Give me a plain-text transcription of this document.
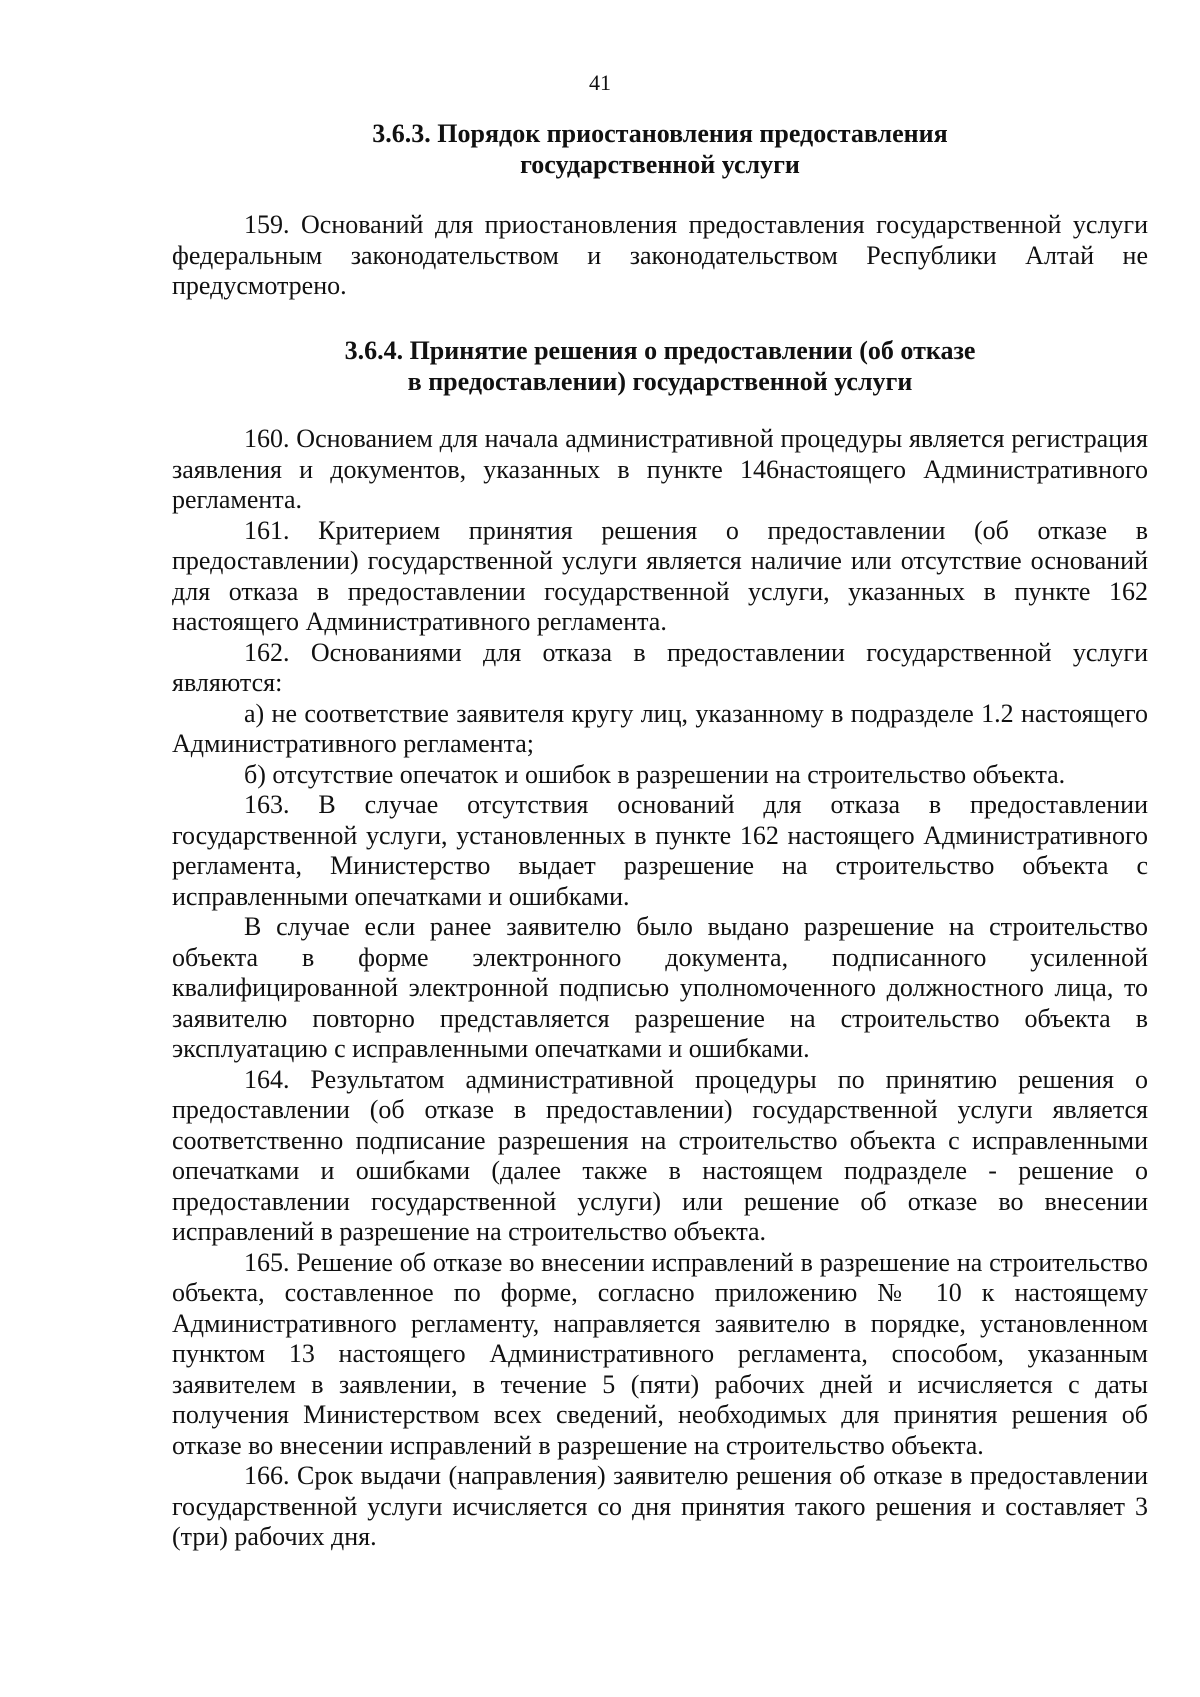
41
3.6.3. Порядок приостановления предоставления
государственной услуги

159. Оснований для приостановления предоставления государственной услуги федеральным законодательством и законодательством Республики Алтай не предусмотрено.

3.6.4. Принятие решения о предоставлении (об отказе
в предоставлении) государственной услуги

160. Основанием для начала административной процедуры является регистрация заявления и документов, указанных в пункте 146настоящего Административного регламента.

161. Критерием принятия решения о предоставлении (об отказе в предоставлении) государственной услуги является наличие или отсутствие оснований для отказа в предоставлении государственной услуги, указанных в пункте 162 настоящего Административного регламента.

162. Основаниями для отказа в предоставлении государственной услуги являются:

а) не соответствие заявителя кругу лиц, указанному в подразделе 1.2 настоящего Административного регламента;

б) отсутствие опечаток и ошибок в разрешении на строительство объекта.

163. В случае отсутствия оснований для отказа в предоставлении государственной услуги, установленных в пункте 162 настоящего Административного регламента, Министерство выдает разрешение на строительство объекта с исправленными опечатками и ошибками.

В случае если ранее заявителю было выдано разрешение на строительство объекта в форме электронного документа, подписанного усиленной квалифицированной электронной подписью уполномоченного должностного лица, то заявителю повторно представляется разрешение на строительство объекта в эксплуатацию с исправленными опечатками и ошибками.

164. Результатом административной процедуры по принятию решения о предоставлении (об отказе в предоставлении) государственной услуги является соответственно подписание разрешения на строительство объекта с исправленными опечатками и ошибками (далее также в настоящем подразделе - решение о предоставлении государственной услуги) или решение об отказе во внесении исправлений в разрешение на строительство объекта.

165. Решение об отказе во внесении исправлений в разрешение на строительство объекта, составленное по форме, согласно приложению № 10 к настоящему Административного регламенту, направляется заявителю в порядке, установленном пунктом 13 настоящего Административного регламента, способом, указанным заявителем в заявлении, в течение 5 (пяти) рабочих дней и исчисляется с даты получения Министерством всех сведений, необходимых для принятия решения об отказе во внесении исправлений в разрешение на строительство объекта.

166. Срок выдачи (направления) заявителю решения об отказе в предоставлении государственной услуги исчисляется со дня принятия такого решения и составляет 3 (три) рабочих дня.
